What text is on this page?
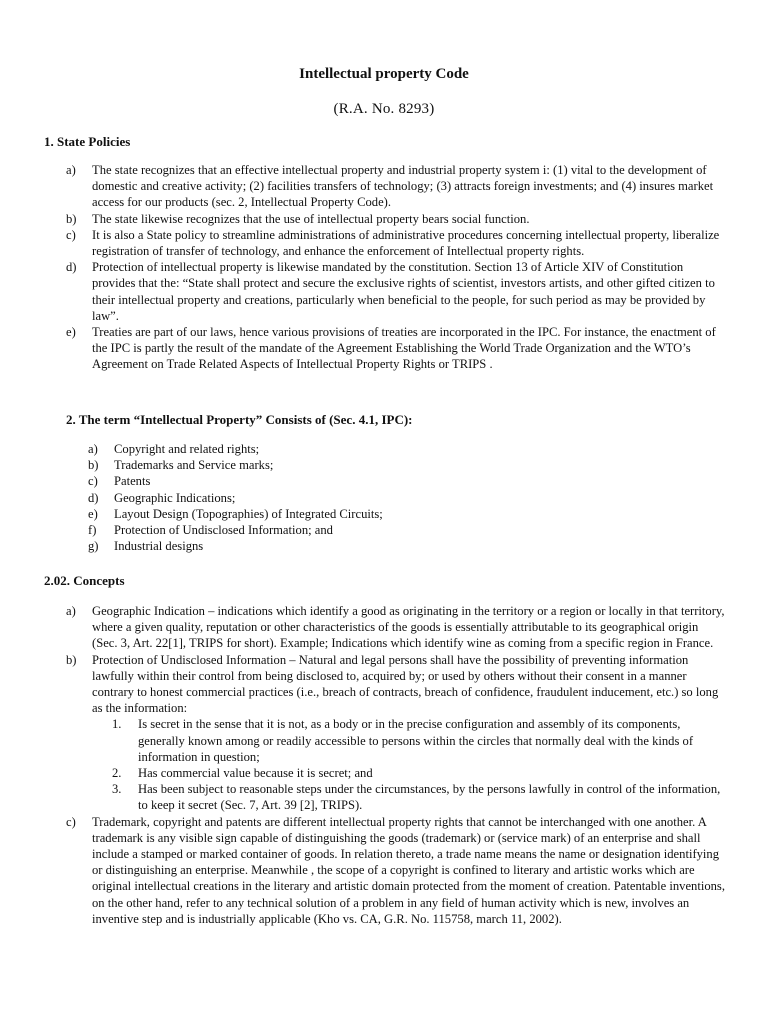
Intellectual property Code
(R.A. No. 8293)
1. State Policies
a) The state recognizes that an effective intellectual property and industrial property system i: (1) vital to the development of domestic and creative activity; (2) facilities transfers of technology; (3) attracts foreign investments; and (4) insures market access for our products (sec. 2, Intellectual Property Code).
b) The state likewise recognizes that the use of intellectual property bears social function.
c) It is also a State policy to streamline administrations of administrative procedures concerning intellectual property, liberalize registration of transfer of technology, and enhance the enforcement of Intellectual property rights.
d) Protection of intellectual property is likewise mandated by the constitution. Section 13 of Article XIV of Constitution provides that the: “State shall protect and secure the exclusive rights of scientist, investors artists, and other gifted citizen to their intellectual property and creations, particularly when beneficial to the people, for such period as may be provided by law”.
e) Treaties are part of our laws, hence various provisions of treaties are incorporated in the IPC. For instance, the enactment of the IPC is partly the result of the mandate of the Agreement Establishing the World Trade Organization and the WTO’s Agreement on Trade Related Aspects of Intellectual Property Rights or TRIPS .
2. The term “Intellectual Property” Consists of (Sec. 4.1, IPC):
a) Copyright and related rights;
b) Trademarks and Service marks;
c) Patents
d) Geographic Indications;
e) Layout Design (Topographies) of Integrated Circuits;
f) Protection of Undisclosed Information; and
g) Industrial designs
2.02. Concepts
a) Geographic Indication – indications which identify a good as originating in the territory or a region or locally in that territory, where a given quality, reputation or other characteristics of the goods is essentially attributable to its geographical origin (Sec. 3, Art. 22[1], TRIPS for short). Example; Indications which identify wine as coming from a specific region in France.
b) Protection of Undisclosed Information – Natural and legal persons shall have the possibility of preventing information lawfully within their control from being disclosed to, acquired by; or used by others without their consent in a manner contrary to honest commercial practices (i.e., breach of contracts, breach of confidence, fraudulent inducement, etc.) so long as the information:
1. Is secret in the sense that it is not, as a body or in the precise configuration and assembly of its components, generally known among or readily accessible to persons within the circles that normally deal with the kinds of information in question;
2. Has commercial value because it is secret; and
3. Has been subject to reasonable steps under the circumstances, by the persons lawfully in control of the information, to keep it secret (Sec. 7, Art. 39 [2], TRIPS).
c) Trademark, copyright and patents are different intellectual property rights that cannot be interchanged with one another. A trademark is any visible sign capable of distinguishing the goods (trademark) or (service mark) of an enterprise and shall include a stamped or marked container of goods. In relation thereto, a trade name means the name or designation identifying or distinguishing an enterprise. Meanwhile , the scope of a copyright is confined to literary and artistic works which are original intellectual creations in the literary and artistic domain protected from the moment of creation. Patentable inventions, on the other hand, refer to any technical solution of a problem in any field of human activity which is new, involves an inventive step and is industrially applicable (Kho vs. CA, G.R. No. 115758, march 11, 2002).
